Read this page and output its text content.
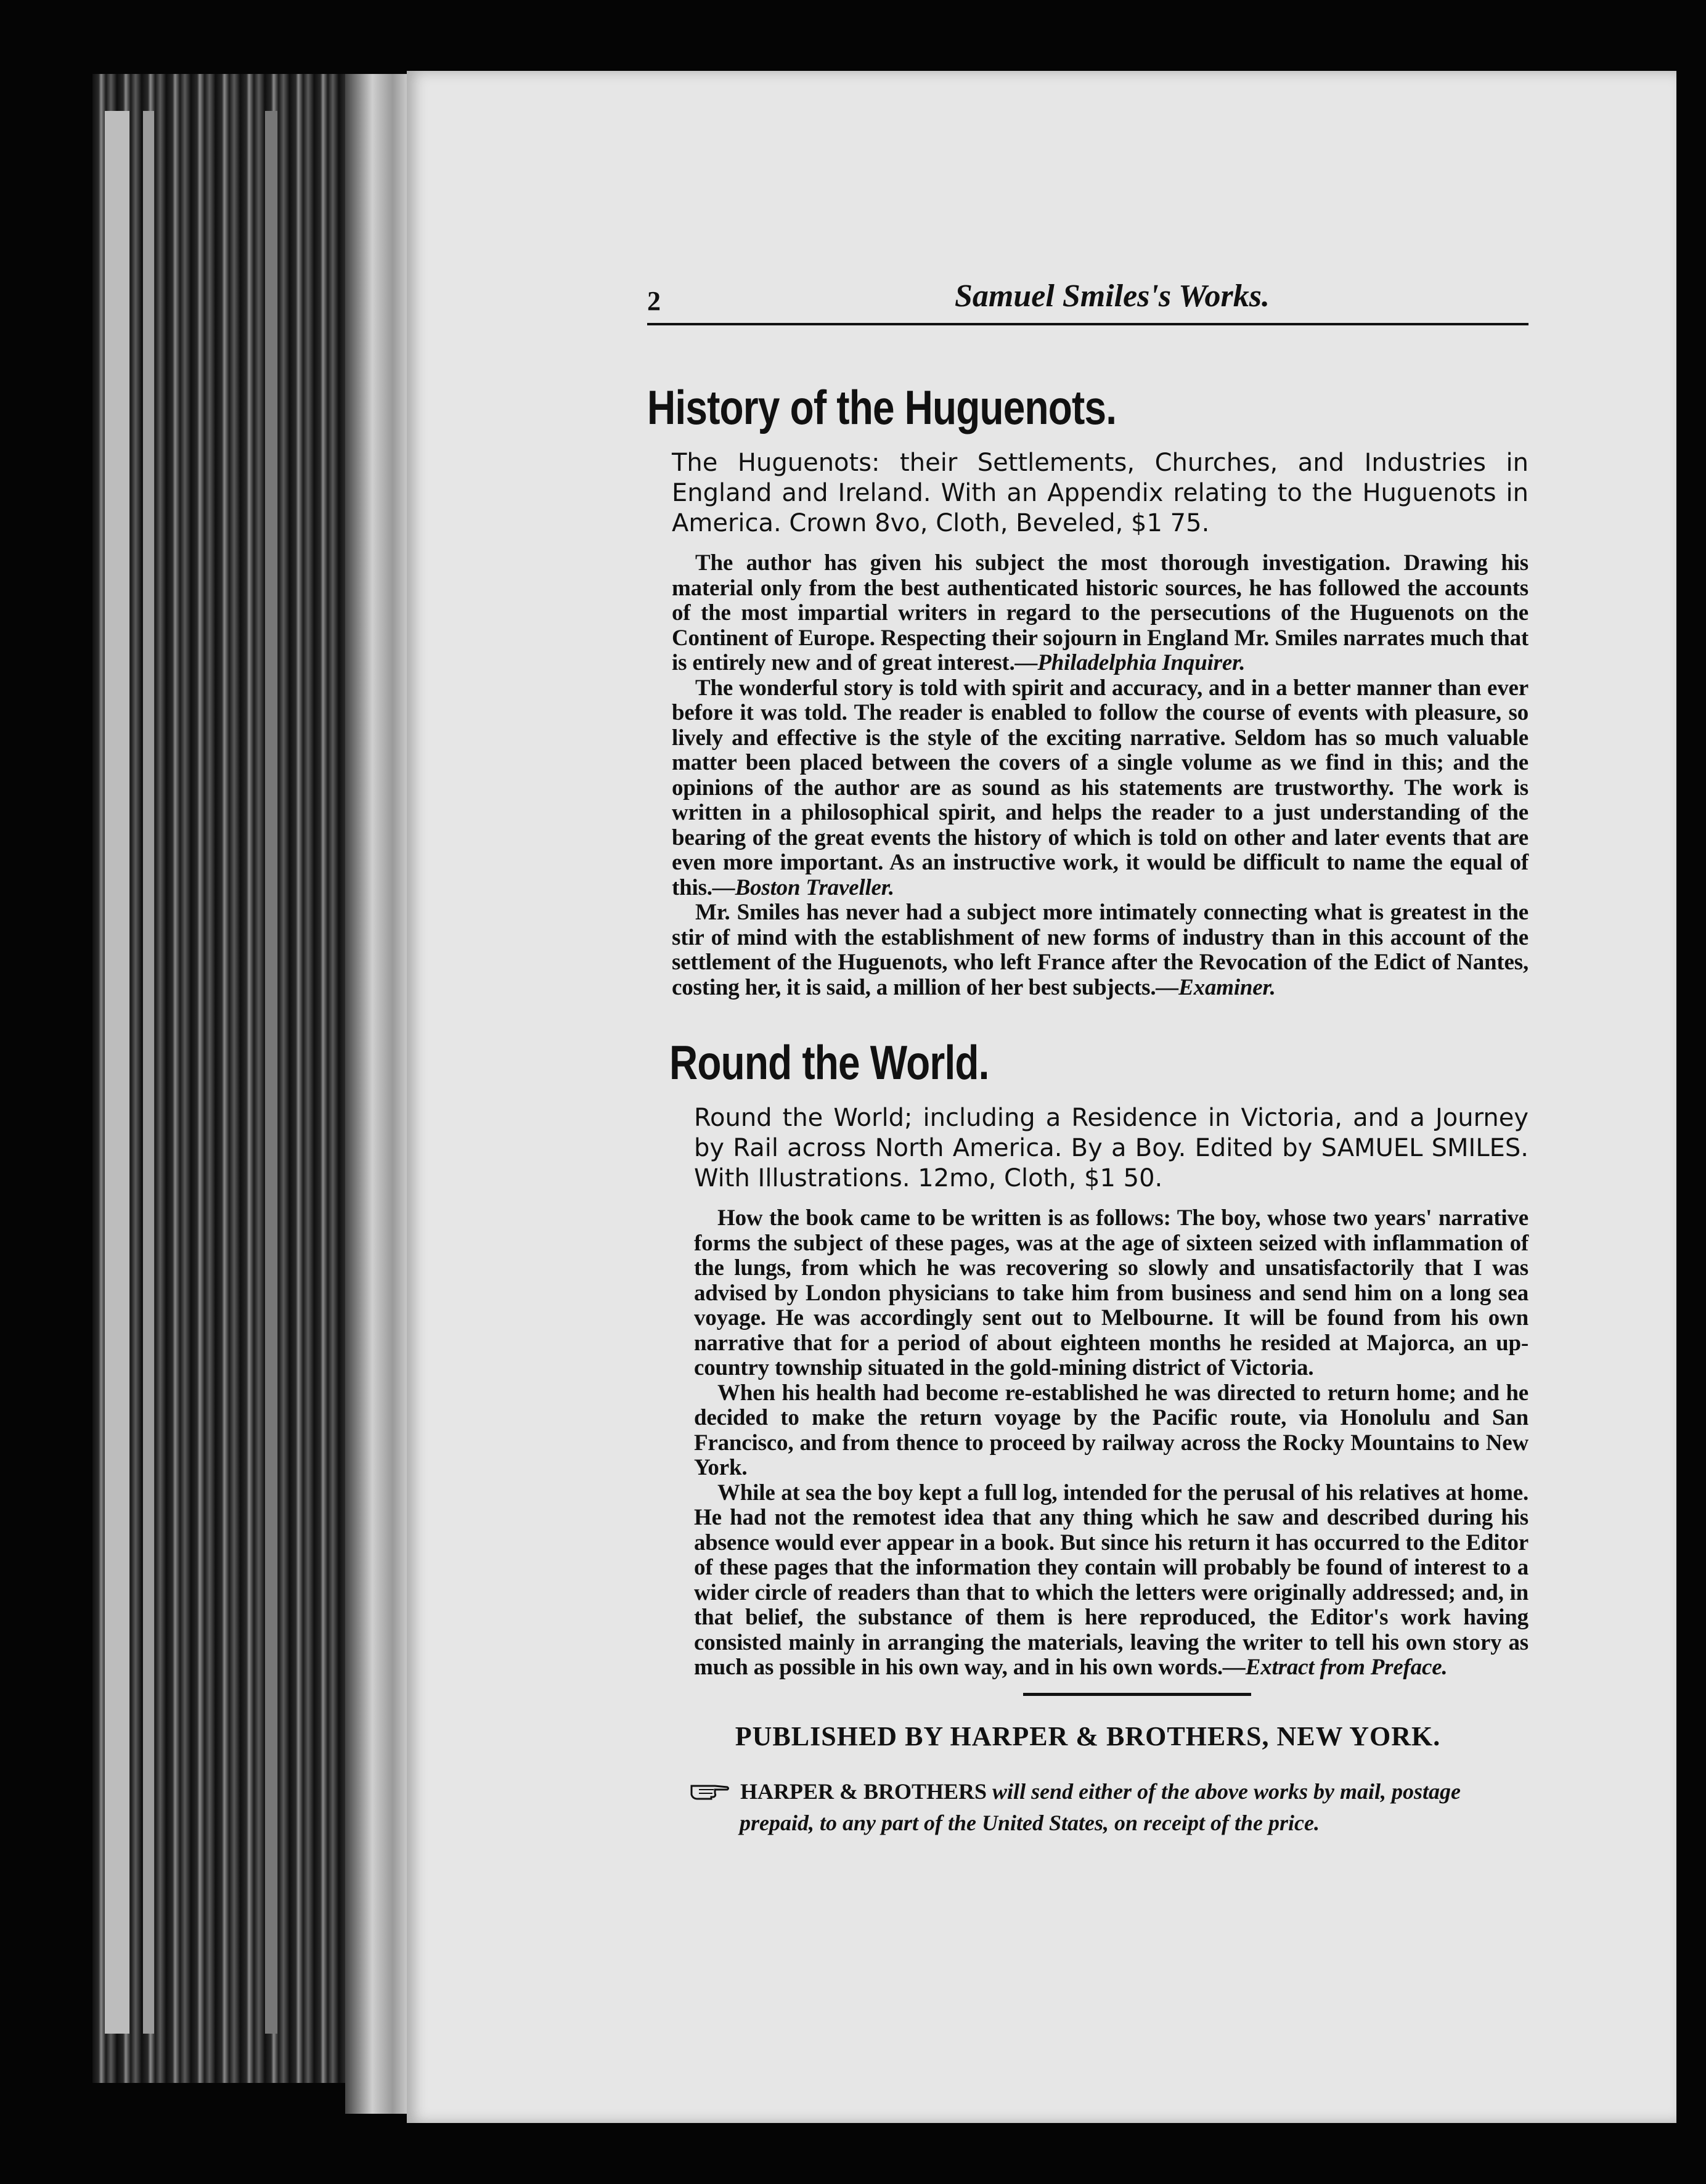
2	Samuel Smiles's Works.
History of the Huguenots.
The Huguenots: their Settlements, Churches, and Industries in England and Ireland. With an Appendix relating to the Huguenots in America. Crown 8vo, Cloth, Beveled, $1 75.

The author has given his subject the most thorough investigation. Drawing his material only from the best authenticated historic sources, he has followed the accounts of the most impartial writers in regard to the persecutions of the Huguenots on the Continent of Europe. Respecting their sojourn in England Mr. Smiles narrates much that is entirely new and of great interest.—Philadelphia Inquirer.

The wonderful story is told with spirit and accuracy, and in a better manner than ever before it was told. The reader is enabled to follow the course of events with pleasure, so lively and effective is the style of the exciting narrative. Seldom has so much valuable matter been placed between the covers of a single volume as we find in this; and the opinions of the author are as sound as his statements are trustworthy. The work is written in a philosophical spirit, and helps the reader to a just understanding of the bearing of the great events the history of which is told on other and later events that are even more important. As an instructive work, it would be difficult to name the equal of this.—Boston Traveller.

Mr. Smiles has never had a subject more intimately connecting what is greatest in the stir of mind with the establishment of new forms of industry than in this account of the settlement of the Huguenots, who left France after the Revocation of the Edict of Nantes, costing her, it is said, a million of her best subjects.—Examiner.

Round the World.
Round the World; including a Residence in Victoria, and a Journey by Rail across North America. By a Boy. Edited by SAMUEL SMILES. With Illustrations. 12mo, Cloth, $1 50.

How the book came to be written is as follows: The boy, whose two years' narrative forms the subject of these pages, was at the age of sixteen seized with inflammation of the lungs, from which he was recovering so slowly and unsatisfactorily that I was advised by London physicians to take him from business and send him on a long sea voyage. He was accordingly sent out to Melbourne. It will be found from his own narrative that for a period of about eighteen months he resided at Majorca, an up-country township situated in the gold-mining district of Victoria.

When his health had become re-established he was directed to return home; and he decided to make the return voyage by the Pacific route, via Honolulu and San Francisco, and from thence to proceed by railway across the Rocky Mountains to New York.

While at sea the boy kept a full log, intended for the perusal of his relatives at home. He had not the remotest idea that any thing which he saw and described during his absence would ever appear in a book. But since his return it has occurred to the Editor of these pages that the information they contain will probably be found of interest to a wider circle of readers than that to which the letters were originally addressed; and, in that belief, the substance of them is here reproduced, the Editor's work having consisted mainly in arranging the materials, leaving the writer to tell his own story as much as possible in his own way, and in his own words.—Extract from Preface.

PUBLISHED BY HARPER & BROTHERS, NEW YORK.
HARPER & BROTHERS will send either of the above works by mail, postage
prepaid, to any part of the United States, on receipt of the price.
